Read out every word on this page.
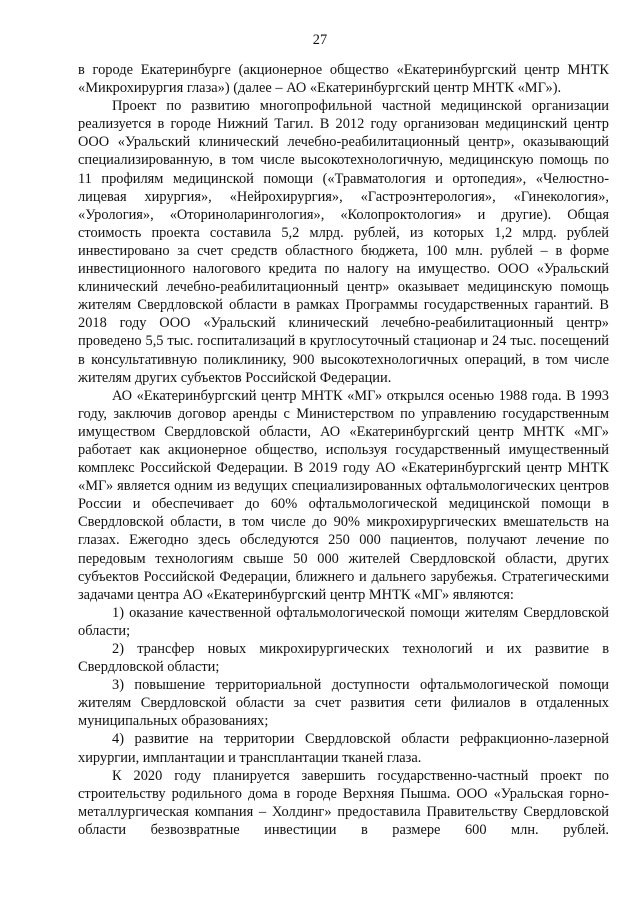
27

в городе Екатеринбурге (акционерное общество «Екатеринбургский центр МНТК «Микрохирургия глаза») (далее – АО «Екатеринбургский центр МНТК «МГ»).

Проект по развитию многопрофильной частной медицинской организации реализуется в городе Нижний Тагил. В 2012 году организован медицинский центр ООО «Уральский клинический лечебно-реабилитационный центр», оказывающий специализированную, в том числе высокотехнологичную, медицинскую помощь по 11 профилям медицинской помощи («Травматология и ортопедия», «Челюстно-лицевая хирургия», «Нейрохирургия», «Гастроэнтерология», «Гинекология», «Урология», «Оториноларингология», «Колопроктология» и другие). Общая стоимость проекта составила 5,2 млрд. рублей, из которых 1,2 млрд. рублей инвестировано за счет средств областного бюджета, 100 млн. рублей – в форме инвестиционного налогового кредита по налогу на имущество. ООО «Уральский клинический лечебно-реабилитационный центр» оказывает медицинскую помощь жителям Свердловской области в рамках Программы государственных гарантий. В 2018 году ООО «Уральский клинический лечебно-реабилитационный центр» проведено 5,5 тыс. госпитализаций в круглосуточный стационар и 24 тыс. посещений в консультативную поликлинику, 900 высокотехнологичных операций, в том числе жителям других субъектов Российской Федерации.

АО «Екатеринбургский центр МНТК «МГ» открылся осенью 1988 года. В 1993 году, заключив договор аренды с Министерством по управлению государственным имуществом Свердловской области, АО «Екатеринбургский центр МНТК «МГ» работает как акционерное общество, используя государственный имущественный комплекс Российской Федерации. В 2019 году АО «Екатеринбургский центр МНТК «МГ» является одним из ведущих специализированных офтальмологических центров России и обеспечивает до 60% офтальмологической медицинской помощи в Свердловской области, в том числе до 90% микрохирургических вмешательств на глазах. Ежегодно здесь обследуются 250 000 пациентов, получают лечение по передовым технологиям свыше 50 000 жителей Свердловской области, других субъектов Российской Федерации, ближнего и дальнего зарубежья. Стратегическими задачами центра АО «Екатеринбургский центр МНТК «МГ» являются:

1) оказание качественной офтальмологической помощи жителям Свердловской области;

2) трансфер новых микрохирургических технологий и их развитие в Свердловской области;

3) повышение территориальной доступности офтальмологической помощи жителям Свердловской области за счет развития сети филиалов в отдаленных муниципальных образованиях;

4) развитие на территории Свердловской области рефракционно-лазерной хирургии, имплантации и трансплантации тканей глаза.

К 2020 году планируется завершить государственно-частный проект по строительству родильного дома в городе Верхняя Пышма. ООО «Уральская горно-металлургическая компания – Холдинг» предоставила Правительству Свердловской области безвозвратные инвестиции в размере 600 млн. рублей.
